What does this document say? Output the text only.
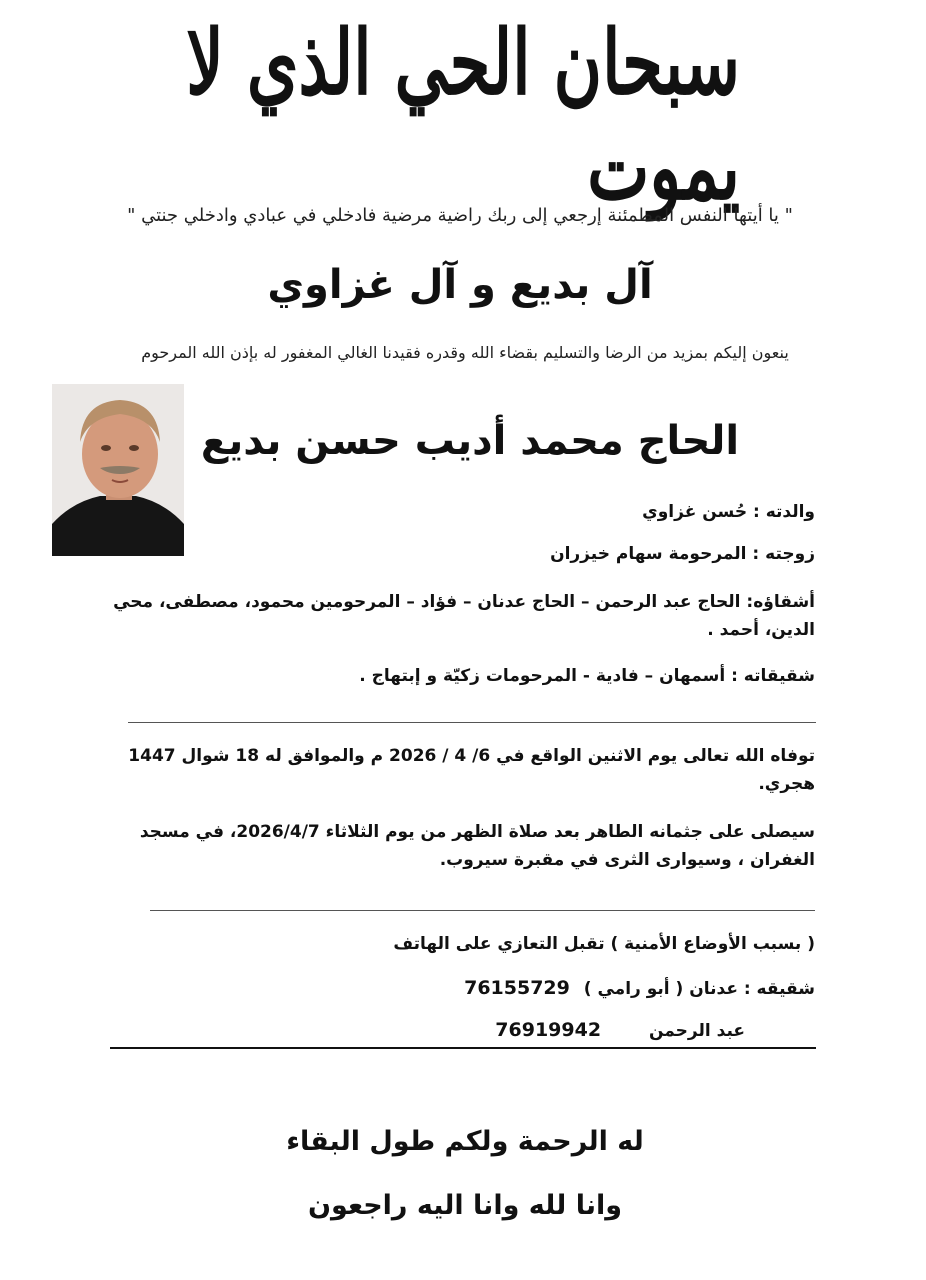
سبحان الحي الذي لا يموت
" يا أيتها النفس المطمئنة إرجعي إلى ربك راضية مرضية فادخلي في عبادي وادخلي جنتي "
آل بديع و آل غزاوي
ينعون إليكم بمزيد من الرضا والتسليم بقضاء الله وقدره فقيدنا الغالي المغفور له بإذن الله المرحوم
الحاج محمد أديب حسن بديع
والدته : حُسن غزاوي
زوجته : المرحومة سهام خيزران
أشقاؤه: الحاج عبد الرحمن – الحاج عدنان – فؤاد – المرحومين محمود، مصطفى، محي الدين، أحمد .
شقيقاته : أسمهان – فادية - المرحومات زكيّة و إبتهاج .
توفاه الله تعالى يوم الاثنين الواقع في 6/ 4 / 2026 م والموافق له 18 شوال 1447 هجري.
سيصلى على جثمانه الطاهر بعد صلاة الظهر من يوم الثلاثاء 2026/4/7، في مسجد الغفران ، وسيوارى الثرى في مقبرة سيروب.
( بسبب الأوضاع الأمنية ) تقبل التعازي على الهاتف
شقيقه : عدنان ( أبو رامي ) 76155729
عبد الرحمن 76919942
له الرحمة ولكم طول البقاء
وانا لله وانا اليه راجعون
